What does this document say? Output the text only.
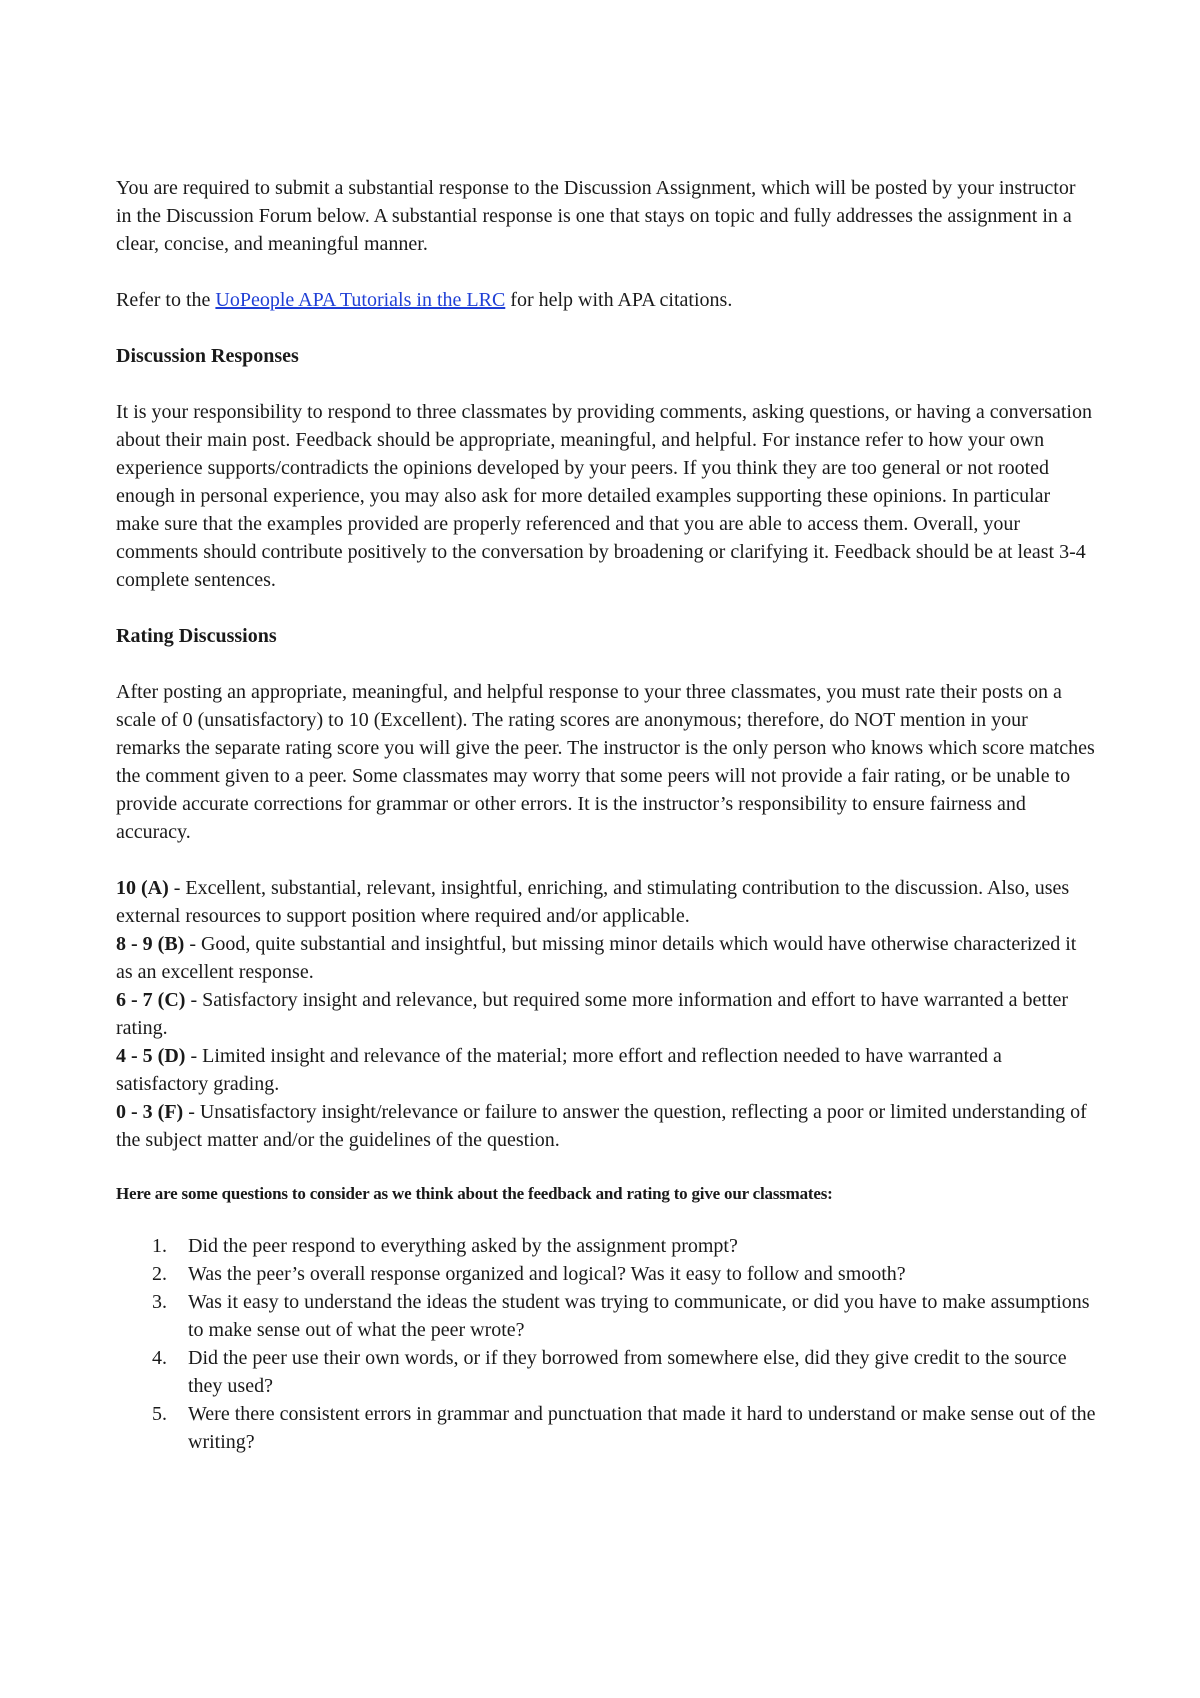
You are required to submit a substantial response to the Discussion Assignment, which will be posted by your instructor in the Discussion Forum below. A substantial response is one that stays on topic and fully addresses the assignment in a clear, concise, and meaningful manner.

Refer to the UoPeople APA Tutorials in the LRC for help with APA citations.

Discussion Responses

It is your responsibility to respond to three classmates by providing comments, asking questions, or having a conversation about their main post. Feedback should be appropriate, meaningful, and helpful. For instance refer to how your own experience supports/contradicts the opinions developed by your peers. If you think they are too general or not rooted enough in personal experience, you may also ask for more detailed examples supporting these opinions. In particular make sure that the examples provided are properly referenced and that you are able to access them. Overall, your comments should contribute positively to the conversation by broadening or clarifying it. Feedback should be at least 3-4 complete sentences.

Rating Discussions

After posting an appropriate, meaningful, and helpful response to your three classmates, you must rate their posts on a scale of 0 (unsatisfactory) to 10 (Excellent). The rating scores are anonymous; therefore, do NOT mention in your remarks the separate rating score you will give the peer. The instructor is the only person who knows which score matches the comment given to a peer. Some classmates may worry that some peers will not provide a fair rating, or be unable to provide accurate corrections for grammar or other errors. It is the instructor’s responsibility to ensure fairness and accuracy.

10 (A) - Excellent, substantial, relevant, insightful, enriching, and stimulating contribution to the discussion. Also, uses external resources to support position where required and/or applicable.

8 - 9 (B) - Good, quite substantial and insightful, but missing minor details which would have otherwise characterized it as an excellent response.

6 - 7 (C) - Satisfactory insight and relevance, but required some more information and effort to have warranted a better rating.

4 - 5 (D) - Limited insight and relevance of the material; more effort and reflection needed to have warranted a satisfactory grading.

0 - 3 (F) - Unsatisfactory insight/relevance or failure to answer the question, reflecting a poor or limited understanding of the subject matter and/or the guidelines of the question.

Here are some questions to consider as we think about the feedback and rating to give our classmates:

1. Did the peer respond to everything asked by the assignment prompt?
2. Was the peer’s overall response organized and logical? Was it easy to follow and smooth?
3. Was it easy to understand the ideas the student was trying to communicate, or did you have to make assumptions to make sense out of what the peer wrote?
4. Did the peer use their own words, or if they borrowed from somewhere else, did they give credit to the source they used?
5. Were there consistent errors in grammar and punctuation that made it hard to understand or make sense out of the writing?
